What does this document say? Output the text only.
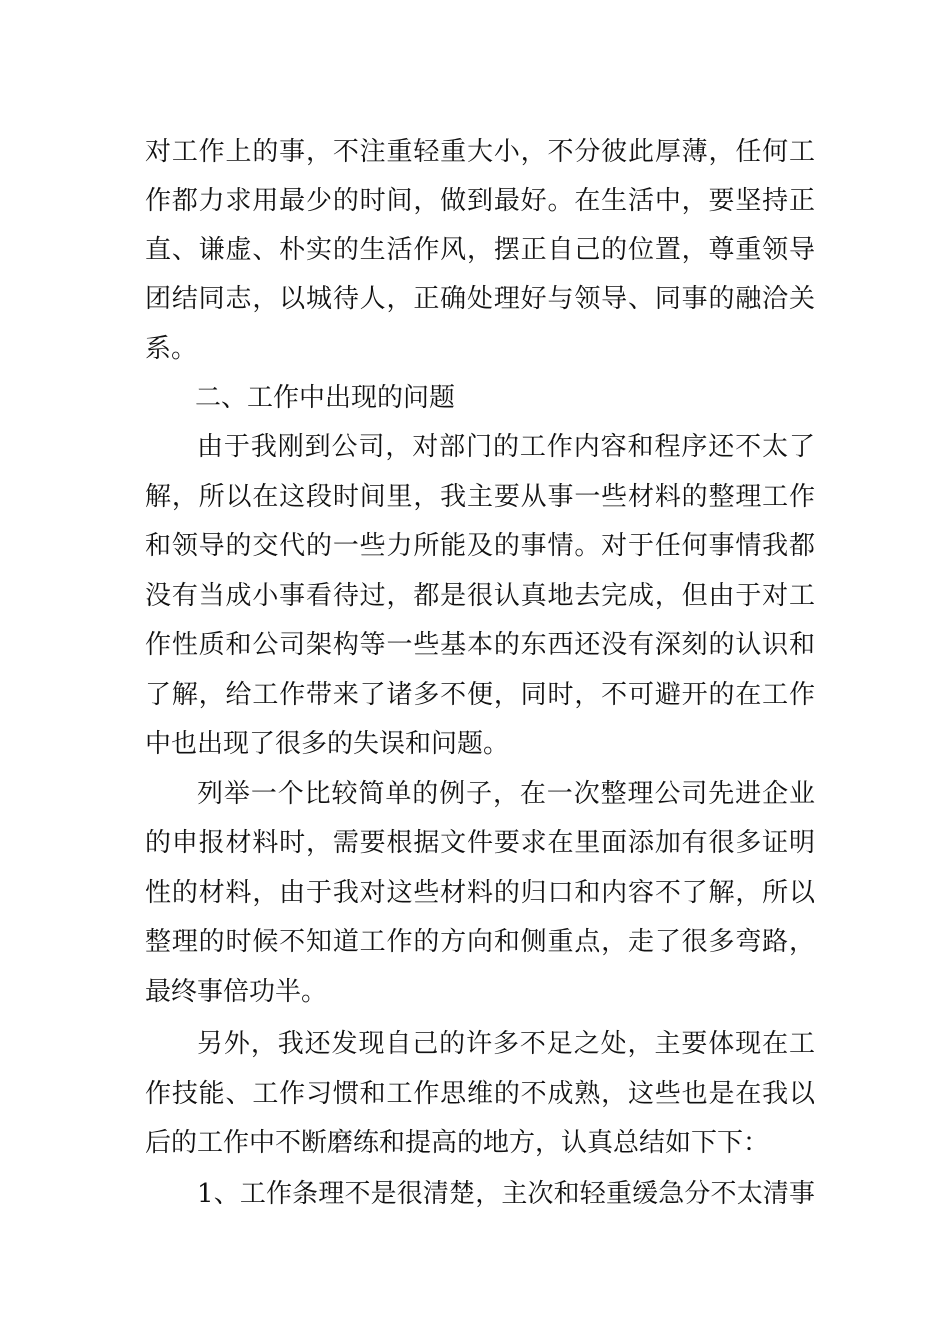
对工作上的事，不注重轻重大小，不分彼此厚薄，任何工
作都力求用最少的时间，做到最好。在生活中，要坚持正
直、谦虚、朴实的生活作风，摆正自己的位置，尊重领导
团结同志，以城待人，正确处理好与领导、同事的融洽关
系。
二、工作中出现的问题
由于我刚到公司，对部门的工作内容和程序还不太了
解，所以在这段时间里，我主要从事一些材料的整理工作
和领导的交代的一些力所能及的事情。对于任何事情我都
没有当成小事看待过，都是很认真地去完成，但由于对工
作性质和公司架构等一些基本的东西还没有深刻的认识和
了解，给工作带来了诸多不便，同时，不可避开的在工作
中也出现了很多的失误和问题。
列举一个比较简单的例子，在一次整理公司先进企业
的申报材料时，需要根据文件要求在里面添加有很多证明
性的材料，由于我对这些材料的归口和内容不了解，所以
整理的时候不知道工作的方向和侧重点，走了很多弯路，
最终事倍功半。
另外，我还发现自己的许多不足之处，主要体现在工
作技能、工作习惯和工作思维的不成熟，这些也是在我以
后的工作中不断磨练和提高的地方，认真总结如下下：
1、工作条理不是很清楚，主次和轻重缓急分不太清事
